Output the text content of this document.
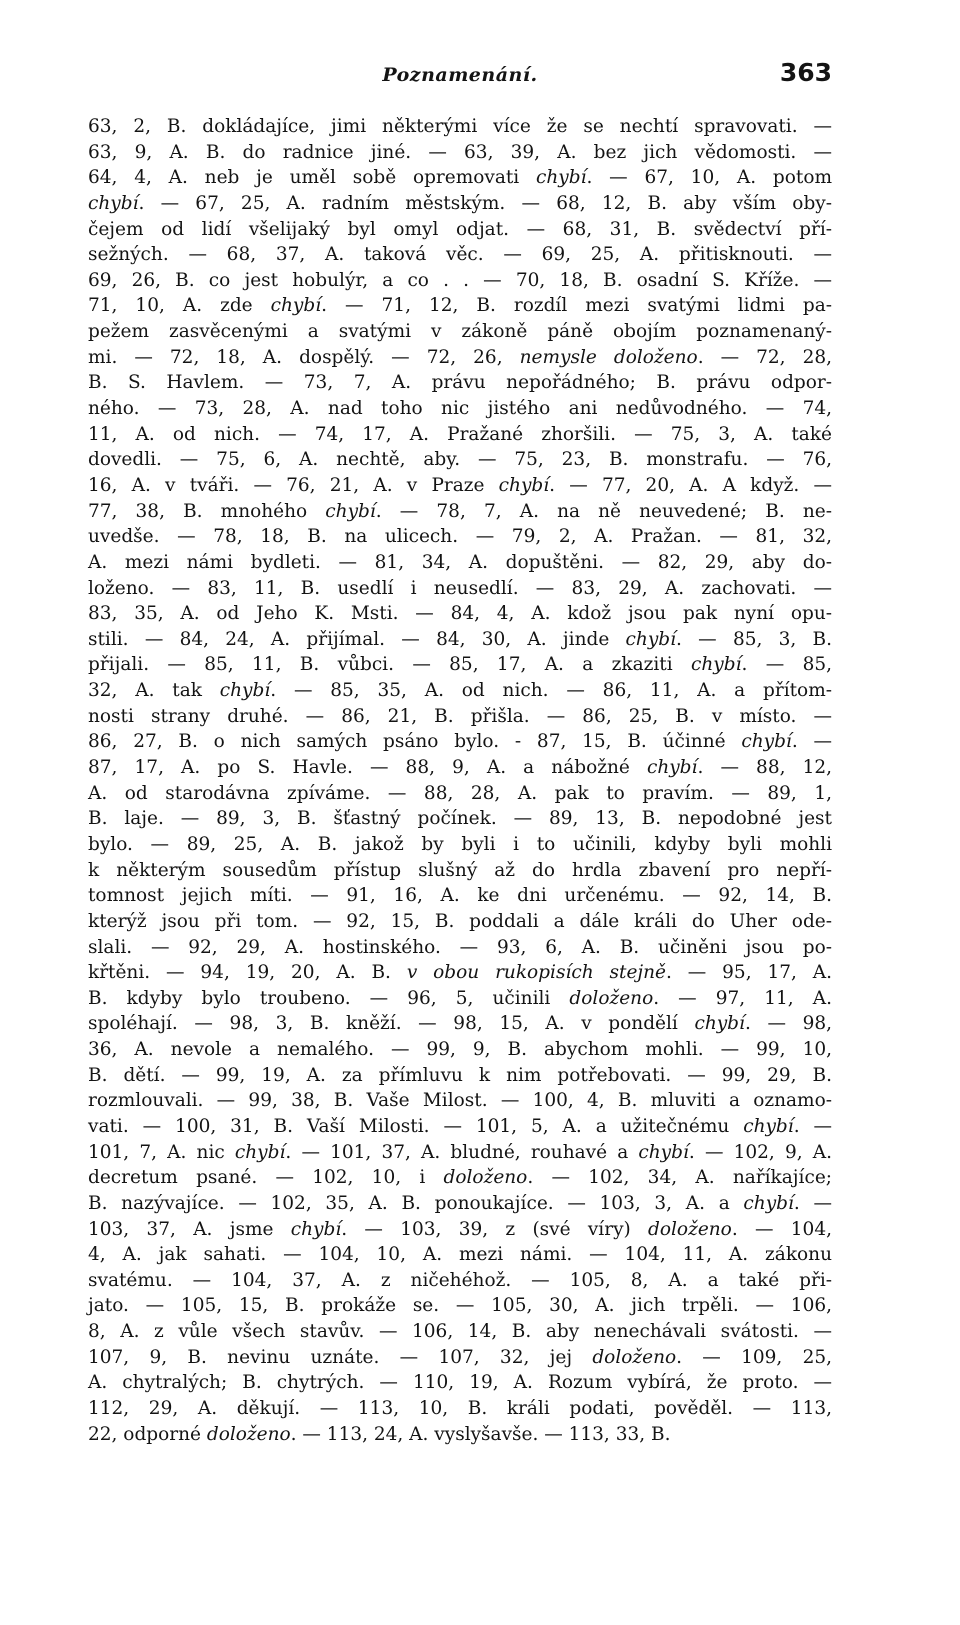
Poznamenání.	363
63, 2, B. dokládajíce, jimi některými více že se nechtí spravovati. —
63, 9, A. B. do radnice jiné. — 63, 39, A. bez jich vědomosti. —
64, 4, A. neb je uměl sobě opremovati chybí. — 67, 10, A. potom
chybí. — 67, 25, A. radním městským. — 68, 12, B. aby vším oby-
čejem od lidí všelijaký byl omyl odjat. — 68, 31, B. svědectví pří-
sežných. — 68, 37, A. taková věc. — 69, 25, A. přitisknouti. —
69, 26, B. co jest hobulýr, a co . . — 70, 18, B. osadní S. Kříže. —
71, 10, A. zde chybí. — 71, 12, B. rozdíl mezi svatými lidmi pa-
pežem zasvěcenými a svatými v zákoně páně obojím poznamenaný-
mi. — 72, 18, A. dospělý. — 72, 26, nemysle doloženo. — 72, 28,
B. S. Havlem. — 73, 7, A. právu nepořádného; B. právu odpor-
ného. — 73, 28, A. nad toho nic jistého ani nedůvodného. — 74,
11, A. od nich. — 74, 17, A. Pražané zhoršili. — 75, 3, A. také
dovedli. — 75, 6, A. nechtě, aby. — 75, 23, B. monstrafu. — 76,
16, A. v tváři. — 76, 21, A. v Praze chybí. — 77, 20, A. A když. —
77, 38, B. mnohého chybí. — 78, 7, A. na ně neuvedené; B. ne-
uvedše. — 78, 18, B. na ulicech. — 79, 2, A. Pražan. — 81, 32,
A. mezi námi bydleti. — 81, 34, A. dopuštěni. — 82, 29, aby do-
loženo. — 83, 11, B. usedlí i neusedlí. — 83, 29, A. zachovati. —
83, 35, A. od Jeho K. Msti. — 84, 4, A. kdož jsou pak nyní opu-
stili. — 84, 24, A. přijímal. — 84, 30, A. jinde chybí. — 85, 3, B.
přijali. — 85, 11, B. vůbci. — 85, 17, A. a zkaziti chybí. — 85,
32, A. tak chybí. — 85, 35, A. od nich. — 86, 11, A. a přítom-
nosti strany druhé. — 86, 21, B. přišla. — 86, 25, B. v místo. —
86, 27, B. o nich samých psáno bylo. - 87, 15, B. účinné chybí. —
87, 17, A. po S. Havle. — 88, 9, A. a nábožné chybí. — 88, 12,
A. od starodávna zpíváme. — 88, 28, A. pak to pravím. — 89, 1,
B. laje. — 89, 3, B. šťastný počínek. — 89, 13, B. nepodobné jest
bylo. — 89, 25, A. B. jakož by byli i to učinili, kdyby byli mohli
k některým sousedům přístup slušný až do hrdla zbavení pro nepří-
tomnost jejich míti. — 91, 16, A. ke dni určenému. — 92, 14, B.
kterýž jsou při tom. — 92, 15, B. poddali a dále králi do Uher ode-
slali. — 92, 29, A. hostinského. — 93, 6, A. B. učiněni jsou po-
křtěni. — 94, 19, 20, A. B. v obou rukopisích stejně. — 95, 17, A.
B. kdyby bylo troubeno. — 96, 5, učinili doloženo. — 97, 11, A.
spoléhají. — 98, 3, B. kněží. — 98, 15, A. v pondělí chybí. — 98,
36, A. nevole a nemalého. — 99, 9, B. abychom mohli. — 99, 10,
B. dětí. — 99, 19, A. za přímluvu k nim potřebovati. — 99, 29, B.
rozmlouvali. — 99, 38, B. Vaše Milost. — 100, 4, B. mluviti a oznamo-
vati. — 100, 31, B. Vaší Milosti. — 101, 5, A. a užitečnému chybí. —
101, 7, A. nic chybí. — 101, 37, A. bludné, rouhavé a chybí. — 102, 9, A.
decretum psané. — 102, 10, i doloženo. — 102, 34, A. naříkajíce;
B. nazývajíce. — 102, 35, A. B. ponoukajíce. — 103, 3, A. a chybí. —
103, 37, A. jsme chybí. — 103, 39, z (své víry) doloženo. — 104,
4, A. jak sahati. — 104, 10, A. mezi námi. — 104, 11, A. zákonu
svatému. — 104, 37, A. z ničehéhož. — 105, 8, A. a také při-
jato. — 105, 15, B. prokáže se. — 105, 30, A. jich trpěli. — 106,
8, A. z vůle všech stavův. — 106, 14, B. aby nenechávali svátosti. —
107, 9, B. nevinu uznáte. — 107, 32, jej doloženo. — 109, 25,
A. chytralých; B. chytrých. — 110, 19, A. Rozum vybírá, že proto. —
112, 29, A. děkují. — 113, 10, B. králi podati, pověděl. — 113,
22, odporné doloženo. — 113, 24, A. vyslyšavše. — 113, 33, B.
